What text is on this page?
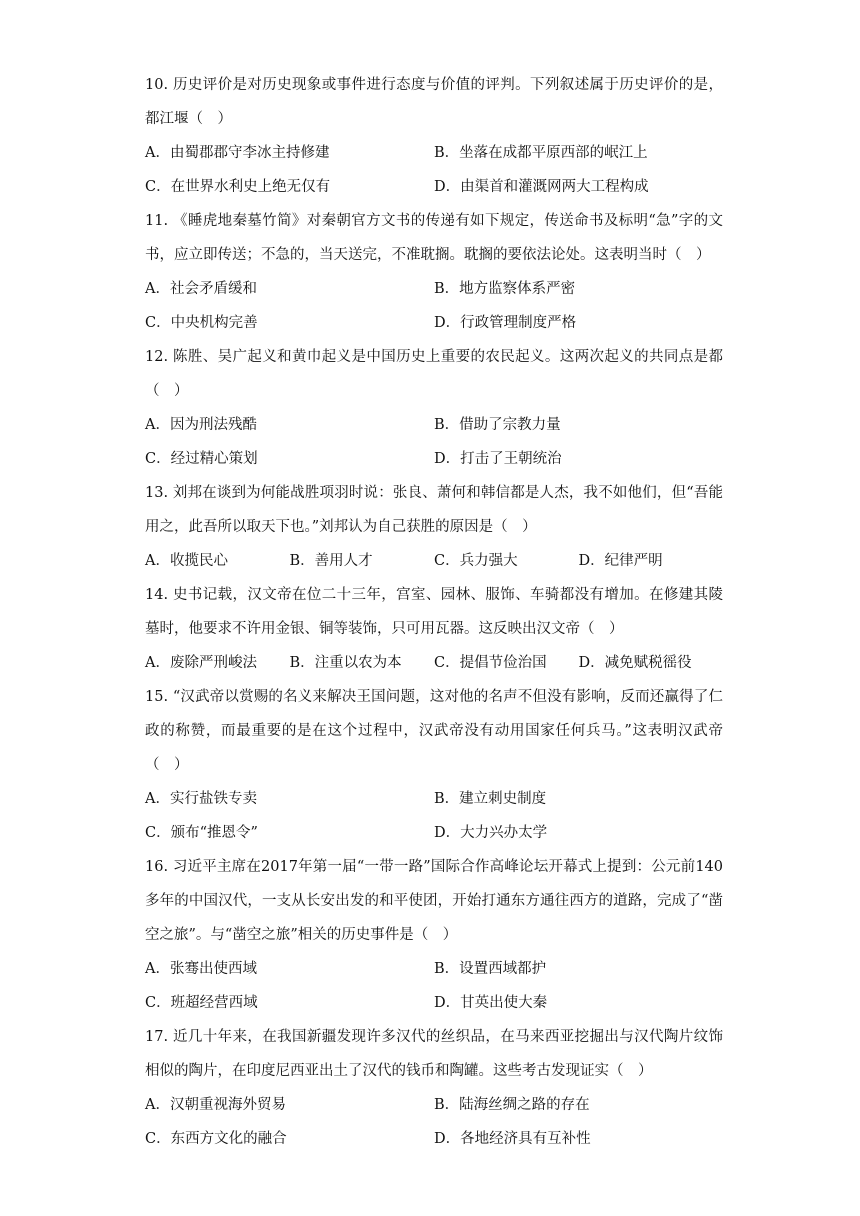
10. 历史评价是对历史现象或事件进行态度与价值的评判。下列叙述属于历史评价的是，都江堰（　）

A．由蜀郡郡守李冰主持修建	B．坐落在成都平原西部的岷江上
C．在世界水利史上绝无仅有	D．由渠首和灌溉网两大工程构成

11. 《睡虎地秦墓竹简》对秦朝官方文书的传递有如下规定，传送命书及标明“急”字的文书，应立即传送；不急的，当天送完，不准耽搁。耽搁的要依法论处。这表明当时（　）

A．社会矛盾缓和	B．地方监察体系严密
C．中央机构完善	D．行政管理制度严格

12. 陈胜、吴广起义和黄巾起义是中国历史上重要的农民起义。这两次起义的共同点是都（　）

A．因为刑法残酷	B．借助了宗教力量
C．经过精心策划	D．打击了王朝统治

13. 刘邦在谈到为何能战胜项羽时说：张良、萧何和韩信都是人杰，我不如他们，但“吾能用之，此吾所以取天下也。”刘邦认为自己获胜的原因是（　）

A．收揽民心	B．善用人才	C．兵力强大	D．纪律严明

14. 史书记载，汉文帝在位二十三年，宫室、园林、服饰、车骑都没有增加。在修建其陵墓时，他要求不许用金银、铜等装饰，只可用瓦器。这反映出汉文帝（　）

A．废除严刑峻法	B．注重以农为本	C．提倡节俭治国	D．减免赋税徭役

15. “汉武帝以赏赐的名义来解决王国问题，这对他的名声不但没有影响，反而还赢得了仁政的称赞，而最重要的是在这个过程中，汉武帝没有动用国家任何兵马。”这表明汉武帝（　）

A．实行盐铁专卖	B．建立刺史制度
C．颁布“推恩令”	D．大力兴办太学

16. 习近平主席在2017年第一届“一带一路”国际合作高峰论坛开幕式上提到：公元前140多年的中国汉代，一支从长安出发的和平使团，开始打通东方通往西方的道路，完成了“凿空之旅”。与“凿空之旅”相关的历史事件是（　）

A．张骞出使西域	B．设置西域都护
C．班超经营西域	D．甘英出使大秦

17. 近几十年来，在我国新疆发现许多汉代的丝织品，在马来西亚挖掘出与汉代陶片纹饰相似的陶片，在印度尼西亚出土了汉代的钱币和陶罐。这些考古发现证实（　）

A．汉朝重视海外贸易	B．陆海丝绸之路的存在
C．东西方文化的融合	D．各地经济具有互补性
